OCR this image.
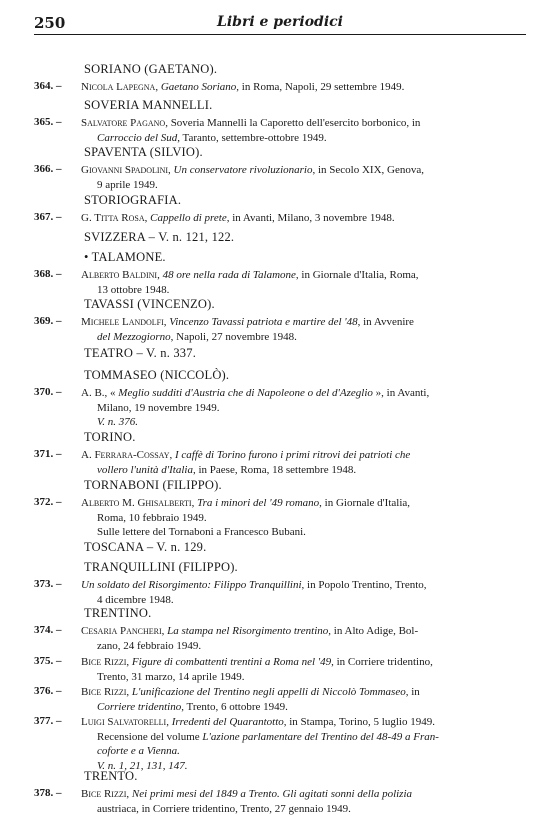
250	Libri e periodici
SORIANO (GAETANO).
SOVERIA MANNELLI.
SPAVENTA (SILVIO).
STORIOGRAFIA.
SVIZZERA – V. n. 121, 122.
• TALAMONE.
TAVASSI (VINCENZO).
TEATRO – V. n. 337.
TOMMASEO (NICCOLÒ).
TORINO.
TORNABONI (FILIPPO).
TOSCANA – V. n. 129.
TRANQUILLINI (FILIPPO).
TRENTINO.
TRENTO.
364. – Nicola Lapegna, Gaetano Soriano, in Roma, Napoli, 29 settembre 1949.
365. – Salvatore Pagano, Soveria Mannelli la Caporetto dell'esercito borbonico, in
Carroccio del Sud, Taranto, settembre-ottobre 1949.
366. – Giovanni Spadolini, Un conservatore rivoluzionario, in Secolo XIX, Genova,
9 aprile 1949.
367. – G. Titta Rosa, Cappello di prete, in Avanti, Milano, 3 novembre 1948.
368. – Alberto Baldini, 48 ore nella rada di Talamone, in Giornale d'Italia, Roma,
13 ottobre 1948.
369. – Michele Landolfi, Vincenzo Tavassi patriota e martire del '48, in Avvenire
del Mezzogiorno, Napoli, 27 novembre 1948.
370. – A. B., « Meglio sudditi d'Austria che di Napoleone o del d'Azeglio », in Avanti,
Milano, 19 novembre 1949.
V. n. 376.
371. – A. Ferrara-Cossay, I caffè di Torino furono i primi ritrovi dei patrioti che
vollero l'unità d'Italia, in Paese, Roma, 18 settembre 1948.
372. – Alberto M. Ghisalberti, Tra i minori del '49 romano, in Giornale d'Italia,
Roma, 10 febbraio 1949.
Sulle lettere del Tornaboni a Francesco Bubani.
373. – Un soldato del Risorgimento: Filippo Tranquillini, in Popolo Trentino, Trento,
4 dicembre 1948.
374. – Cesaria Pancheri, La stampa nel Risorgimento trentino, in Alto Adige, Bol-
zano, 24 febbraio 1949.
375. – Bice Rizzi, Figure di combattenti trentini a Roma nel '49, in Corriere tridentino,
Trento, 31 marzo, 14 aprile 1949.
376. – Bice Rizzi, L'unificazione del Trentino negli appelli di Niccolò Tommaseo, in
Corriere tridentino, Trento, 6 ottobre 1949.
377. – Luigi Salvatorelli, Irredenti del Quarantotto, in Stampa, Torino, 5 luglio 1949.
Recensione del volume L'azione parlamentare del Trentino del 48-49 a Fran-
coforte e a Vienna.
V. n. 1, 21, 131, 147.
378. – Bice Rizzi, Nei primi mesi del 1849 a Trento. Gli agitati sonni della polizia
austriaca, in Corriere tridentino, Trento, 27 gennaio 1949.
